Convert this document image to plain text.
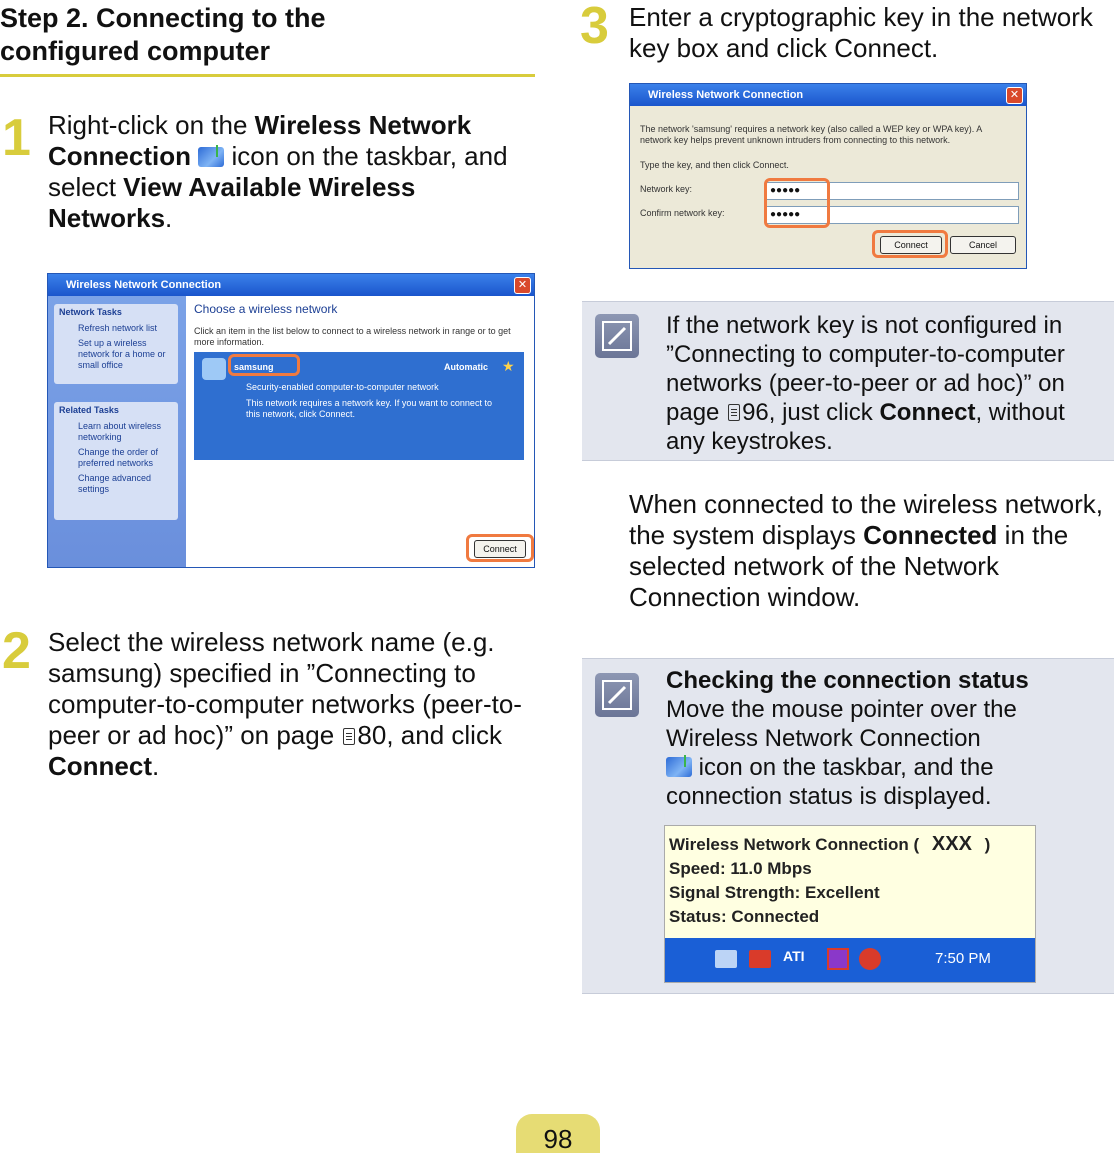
Step 2. Connecting to the
configured computer
1 Right-click on the Wireless Network Connection  icon on the taskbar, and select View Available Wireless Networks.
Wireless Network Connection	✕
Network Tasks
Refresh network list
Set up a wireless network for a home or small office
Related Tasks
Learn about wireless networking
Change the order of preferred networks
Change advanced settings
Choose a wireless network
Click an item in the list below to connect to a wireless network in range or to get more information.
samsung	Automatic ★
Security-enabled computer-to-computer network
This network requires a network key. If you want to connect to this network, click Connect.
Connect
2 Select the wireless network name (e.g. samsung) specified in ”Connecting to computer-to-computer networks (peer-to-peer or ad hoc)” on page 80, and click Connect.
3 Enter a cryptographic key in the network key box and click Connect.
Wireless Network Connection	✕
The network 'samsung' requires a network key (also called a WEP key or WPA key). A network key helps prevent unknown intruders from connecting to this network.
Type the key, and then click Connect.
Network key:	●●●●●
Confirm network key:	●●●●●
Connect	Cancel
If the network key is not configured in ”Connecting to computer-to-computer networks (peer-to-peer or ad hoc)” on page 96, just click Connect, without any keystrokes.
When connected to the wireless network, the system displays Connected in the selected network of the Network Connection window.
Checking the connection status
Move the mouse pointer over the Wireless Network Connection
icon on the taskbar, and the connection status is displayed.
Wireless Network Connection ( XXX )
Speed: 11.0 Mbps
Signal Strength: Excellent
Status: Connected
ATI	7:50 PM
98
